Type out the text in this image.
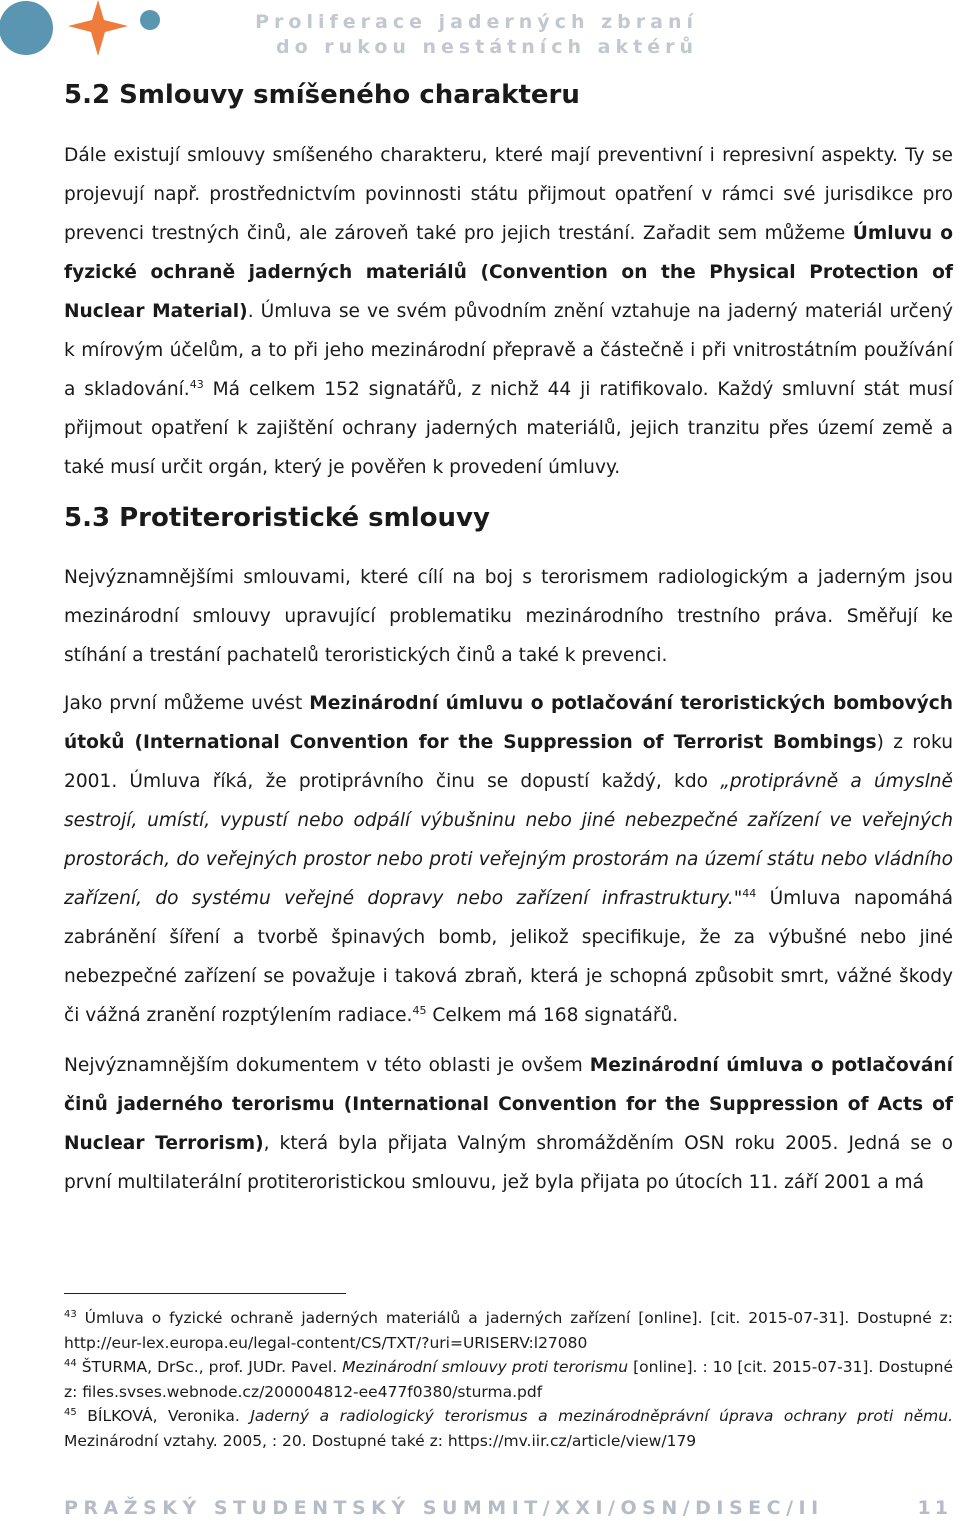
Proliferace jaderných zbraní
do rukou nestátních aktérů
5.2 Smlouvy smíšeného charakteru

Dále existují smlouvy smíšeného charakteru, které mají preventivní i represivní aspekty. Ty se projevují např. prostřednictvím povinnosti státu přijmout opatření v rámci své jurisdikce pro prevenci trestných činů, ale zároveň také pro jejich trestání. Zařadit sem můžeme Úmluvu o fyzické ochraně jaderných materiálů (Convention on the Physical Protection of Nuclear Material). Úmluva se ve svém původním znění vztahuje na jaderný materiál určený k mírovým účelům, a to při jeho mezinárodní přepravě a částečně i při vnitrostátním používání a skladování.$^{43}$ Má celkem 152 signatářů, z nichž 44 ji ratifikovalo. Každý smluvní stát musí přijmout opatření k zajištění ochrany jaderných materiálů, jejich tranzitu přes území země a také musí určit orgán, který je pověřen k provedení úmluvy.

5.3 Protiteroristické smlouvy

Nejvýznamnějšími smlouvami, které cílí na boj s terorismem radiologickým a jaderným jsou mezinárodní smlouvy upravující problematiku mezinárodního trestního práva. Směřují ke stíhání a trestání pachatelů teroristických činů a také k prevenci.

Jako první můžeme uvést Mezinárodní úmluvu o potlačování teroristických bombových útoků (International Convention for the Suppression of Terrorist Bombings) z roku 2001. Úmluva říká, že protiprávního činu se dopustí každý, kdo „protiprávně a úmyslně sestrojí, umístí, vypustí nebo odpálí výbušninu nebo jiné nebezpečné zařízení ve veřejných prostorách, do veřejných prostor nebo proti veřejným prostorám na území státu nebo vládního zařízení, do systému veřejné dopravy nebo zařízení infrastruktury."$^{44}$ Úmluva napomáhá zabránění šíření a tvorbě špinavých bomb, jelikož specifikuje, že za výbušné nebo jiné nebezpečné zařízení se považuje i taková zbraň, která je schopná způsobit smrt, vážné škody či vážná zranění rozptýlením radiace.$^{45}$ Celkem má 168 signatářů.

Nejvýznamnějším dokumentem v této oblasti je ovšem Mezinárodní úmluva o potlačování činů jaderného terorismu (International Convention for the Suppression of Acts of Nuclear Terrorism), která byla přijata Valným shromážděním OSN roku 2005. Jedná se o první multilaterální protiteroristickou smlouvu, jež byla přijata po útocích 11. září 2001 a má

$^{43}$ Úmluva o fyzické ochraně jaderných materiálů a jaderných zařízení [online]. [cit. 2015-07-31]. Dostupné z: http://eur-lex.europa.eu/legal-content/CS/TXT/?uri=URISERV:l27080

$^{44}$ ŠTURMA, DrSc., prof. JUDr. Pavel. Mezinárodní smlouvy proti terorismu [online]. : 10 [cit. 2015-07-31]. Dostupné z: files.svses.webnode.cz/200004812-ee477f0380/sturma.pdf

$^{45}$ BÍLKOVÁ, Veronika. Jaderný a radiologický terorismus a mezinárodněprávní úprava ochrany proti němu. Mezinárodní vztahy. 2005, : 20. Dostupné také z: https://mv.iir.cz/article/view/179

PRAŽSKÝ STUDENTSKÝ SUMMIT/XXI/OSN/DISEC/II	11
